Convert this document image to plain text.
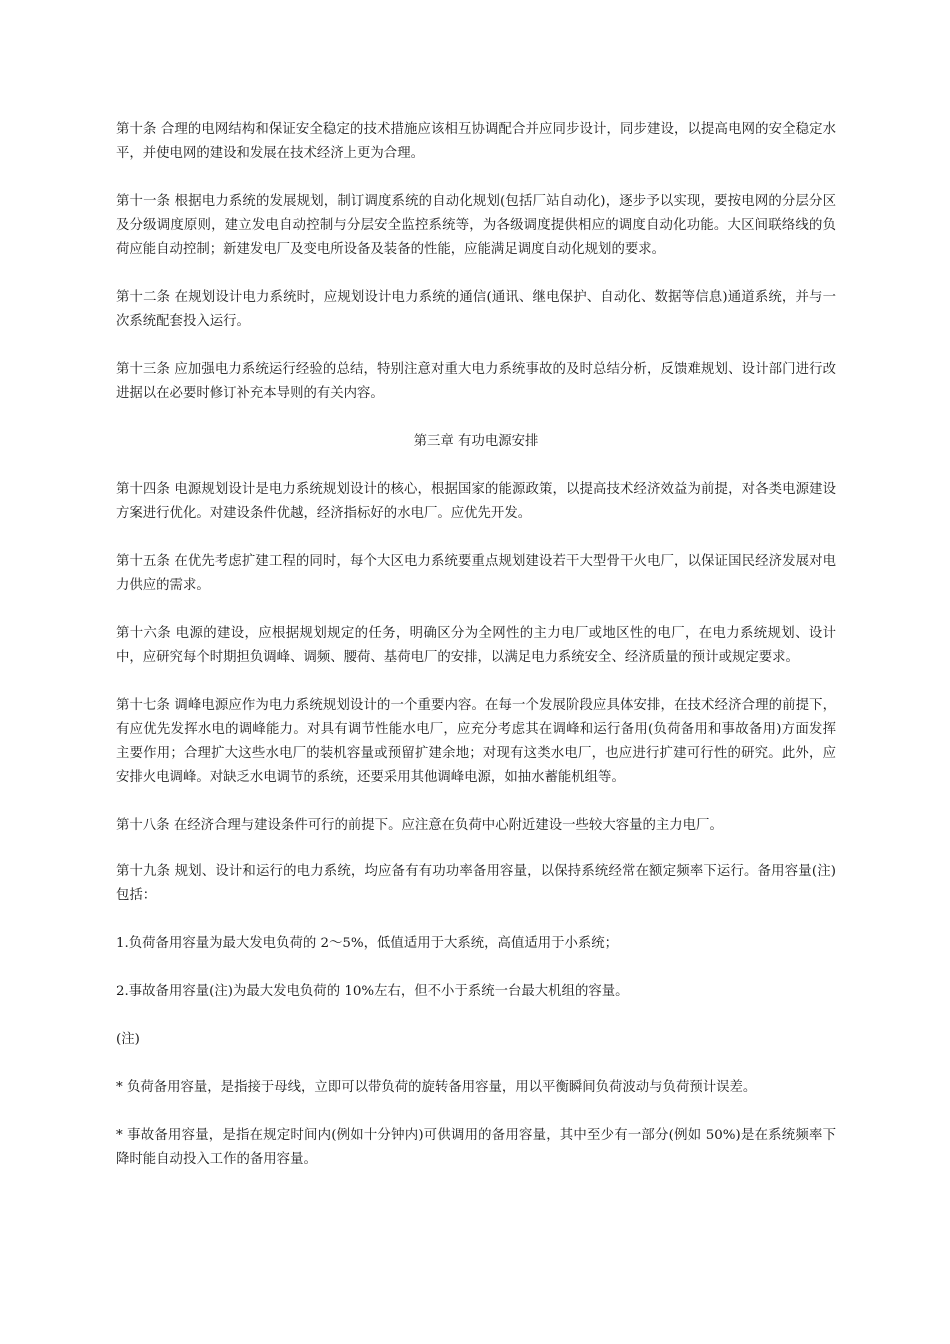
第十条 合理的电网结构和保证安全稳定的技术措施应该相互协调配合并应同步设计，同步建设，以提高电网的安全稳定水平，并使电网的建设和发展在技术经济上更为合理。

第十一条 根据电力系统的发展规划，制订调度系统的自动化规划(包括厂站自动化)，逐步予以实现，要按电网的分层分区及分级调度原则，建立发电自动控制与分层安全监控系统等，为各级调度提供相应的调度自动化功能。大区间联络线的负荷应能自动控制；新建发电厂及变电所设备及装备的性能，应能满足调度自动化规划的要求。

第十二条 在规划设计电力系统时，应规划设计电力系统的通信(通讯、继电保护、自动化、数据等信息)通道系统，并与一次系统配套投入运行。

第十三条 应加强电力系统运行经验的总结，特别注意对重大电力系统事故的及时总结分析，反馈难规划、设计部门进行改进据以在必要时修订补充本导则的有关内容。

第三章 有功电源安排

第十四条 电源规划设计是电力系统规划设计的核心，根据国家的能源政策，以提高技术经济效益为前提，对各类电源建设方案进行优化。对建设条件优越，经济指标好的水电厂。应优先开发。

第十五条 在优先考虑扩建工程的同时，每个大区电力系统要重点规划建设若干大型骨干火电厂，以保证国民经济发展对电力供应的需求。

第十六条 电源的建设，应根据规划规定的任务，明确区分为全网性的主力电厂或地区性的电厂，在电力系统规划、设计中，应研究每个时期担负调峰、调频、腰荷、基荷电厂的安排，以满足电力系统安全、经济质量的预计或规定要求。

第十七条 调峰电源应作为电力系统规划设计的一个重要内容。在每一个发展阶段应具体安排，在技术经济合理的前提下，有应优先发挥水电的调峰能力。对具有调节性能水电厂，应充分考虑其在调峰和运行备用(负荷备用和事故备用)方面发挥主要作用；合理扩大这些水电厂的装机容量或预留扩建余地；对现有这类水电厂，也应进行扩建可行性的研究。此外，应安排火电调峰。对缺乏水电调节的系统，还要采用其他调峰电源，如抽水蓄能机组等。

第十八条 在经济合理与建设条件可行的前提下。应注意在负荷中心附近建设一些较大容量的主力电厂。

第十九条 规划、设计和运行的电力系统，均应备有有功功率备用容量，以保持系统经常在额定频率下运行。备用容量(注)包括：

1.负荷备用容量为最大发电负荷的 2～5%，低值适用于大系统，高值适用于小系统；

2.事故备用容量(注)为最大发电负荷的 10%左右，但不小于系统一台最大机组的容量。

(注)

* 负荷备用容量，是指接于母线，立即可以带负荷的旋转备用容量，用以平衡瞬间负荷波动与负荷预计误差。

* 事故备用容量，是指在规定时间内(例如十分钟内)可供调用的备用容量，其中至少有一部分(例如 50%)是在系统频率下降时能自动投入工作的备用容量。
